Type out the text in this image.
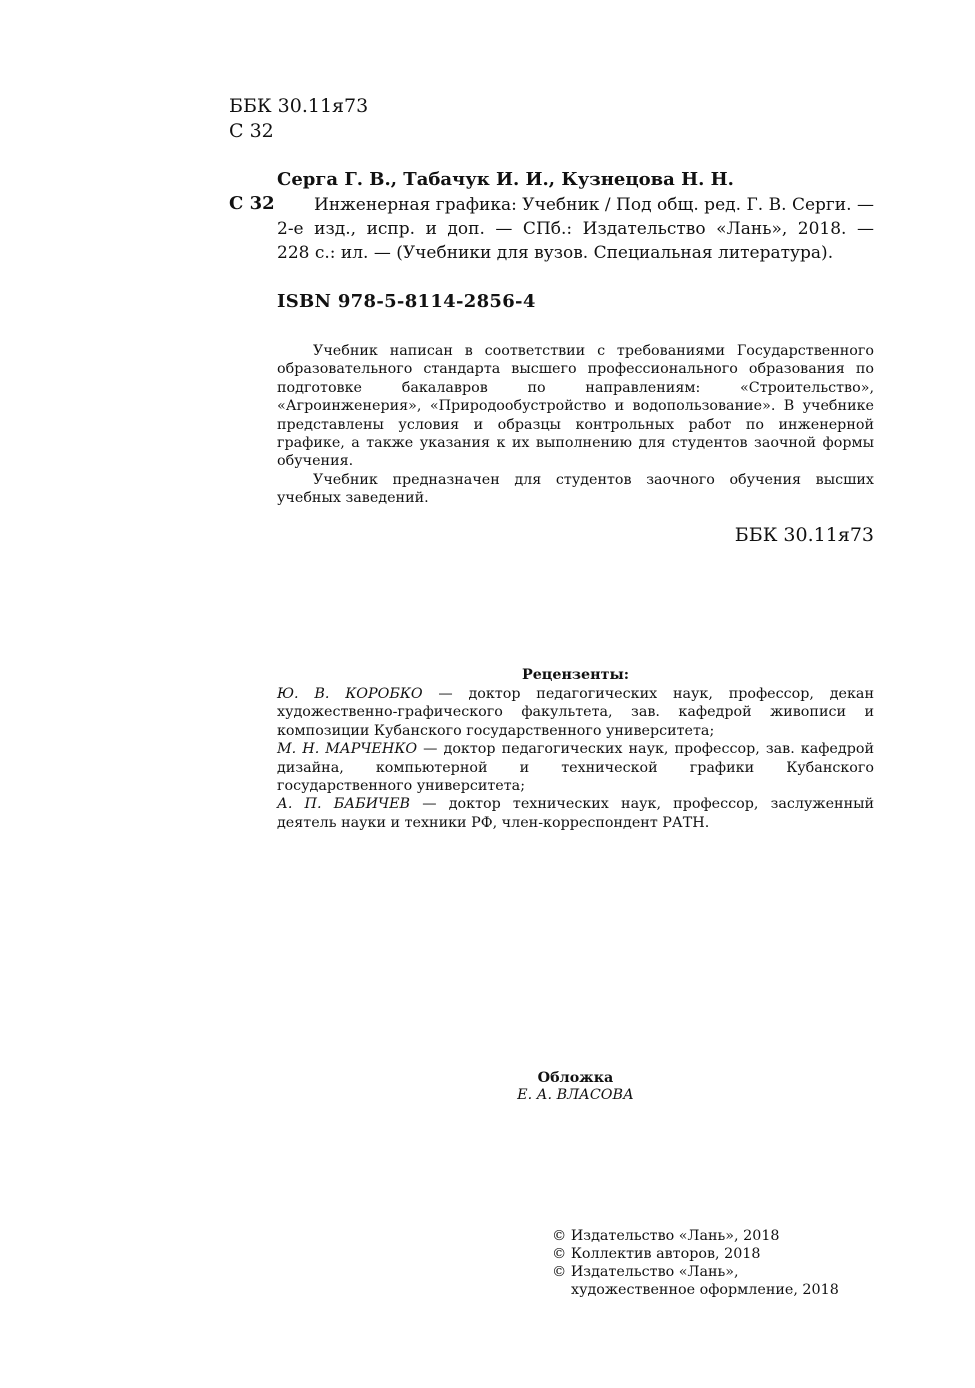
ББК 30.11я73
С 32
Серга Г. В., Табачук И. И., Кузнецова Н. Н.
С 32	Инженерная графика: Учебник / Под общ. ред. Г. В. Серги. —
2-е изд., испр. и доп. — СПб.: Издательство «Лань», 2018. —
228 с.: ил. — (Учебники для вузов. Специальная литература).
ISBN 978-5-8114-2856-4

Учебник написан в соответствии с требованиями Государственного образовательного стандарта высшего профессионального образования по подготовке бакалавров по направлениям: «Строительство», «Агроинженерия», «Природообустройство и водопользование». В учебнике представлены условия и образцы контрольных работ по инженерной графике, а также указания к их выполнению для студентов заочной формы обучения.

Учебник предназначен для студентов заочного обучения высших учебных заведений.

ББК 30.11я73
Рецензенты:

Ю. В. КОРОБКО — доктор педагогических наук, профессор, декан художественно-графического факультета, зав. кафедрой живописи и композиции Кубанского государственного университета;

М. Н. МАРЧЕНКО — доктор педагогических наук, профессор, зав. кафедрой дизайна, компьютерной и технической графики Кубанского государственного университета;

А. П. БАБИЧЕВ — доктор технических наук, профессор, заслуженный деятель науки и техники РФ, член-корреспондент РАТН.

Обложка
Е. А. ВЛАСОВА
© Издательство «Лань», 2018
© Коллектив авторов, 2018
© Издательство «Лань»,
художественное оформление, 2018
